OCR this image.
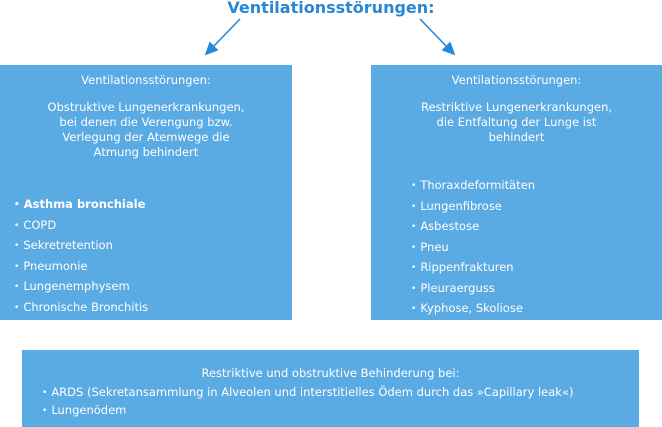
Ventilationsstörungen:
Ventilationsstörungen:
Obstruktive Lungenerkrankungen,
bei denen die Verengung bzw.
Verlegung der Atemwege die
Atmung behindert
• Asthma bronchiale
• COPD
• Sekretretention
• Pneumonie
• Lungenemphysem
• Chronische Bronchitis
Ventilationsstörungen:
Restriktive Lungenerkrankungen,
die Entfaltung der Lunge ist
behindert
• Thoraxdeformitäten
• Lungenfibrose
• Asbestose
• Pneu
• Rippenfrakturen
• Pleuraerguss
• Kyphose, Skoliose
Restriktive und obstruktive Behinderung bei:
• ARDS (Sekretansammlung in Alveolen und interstitielles Ödem durch das »Capillary leak«)
• Lungenödem
